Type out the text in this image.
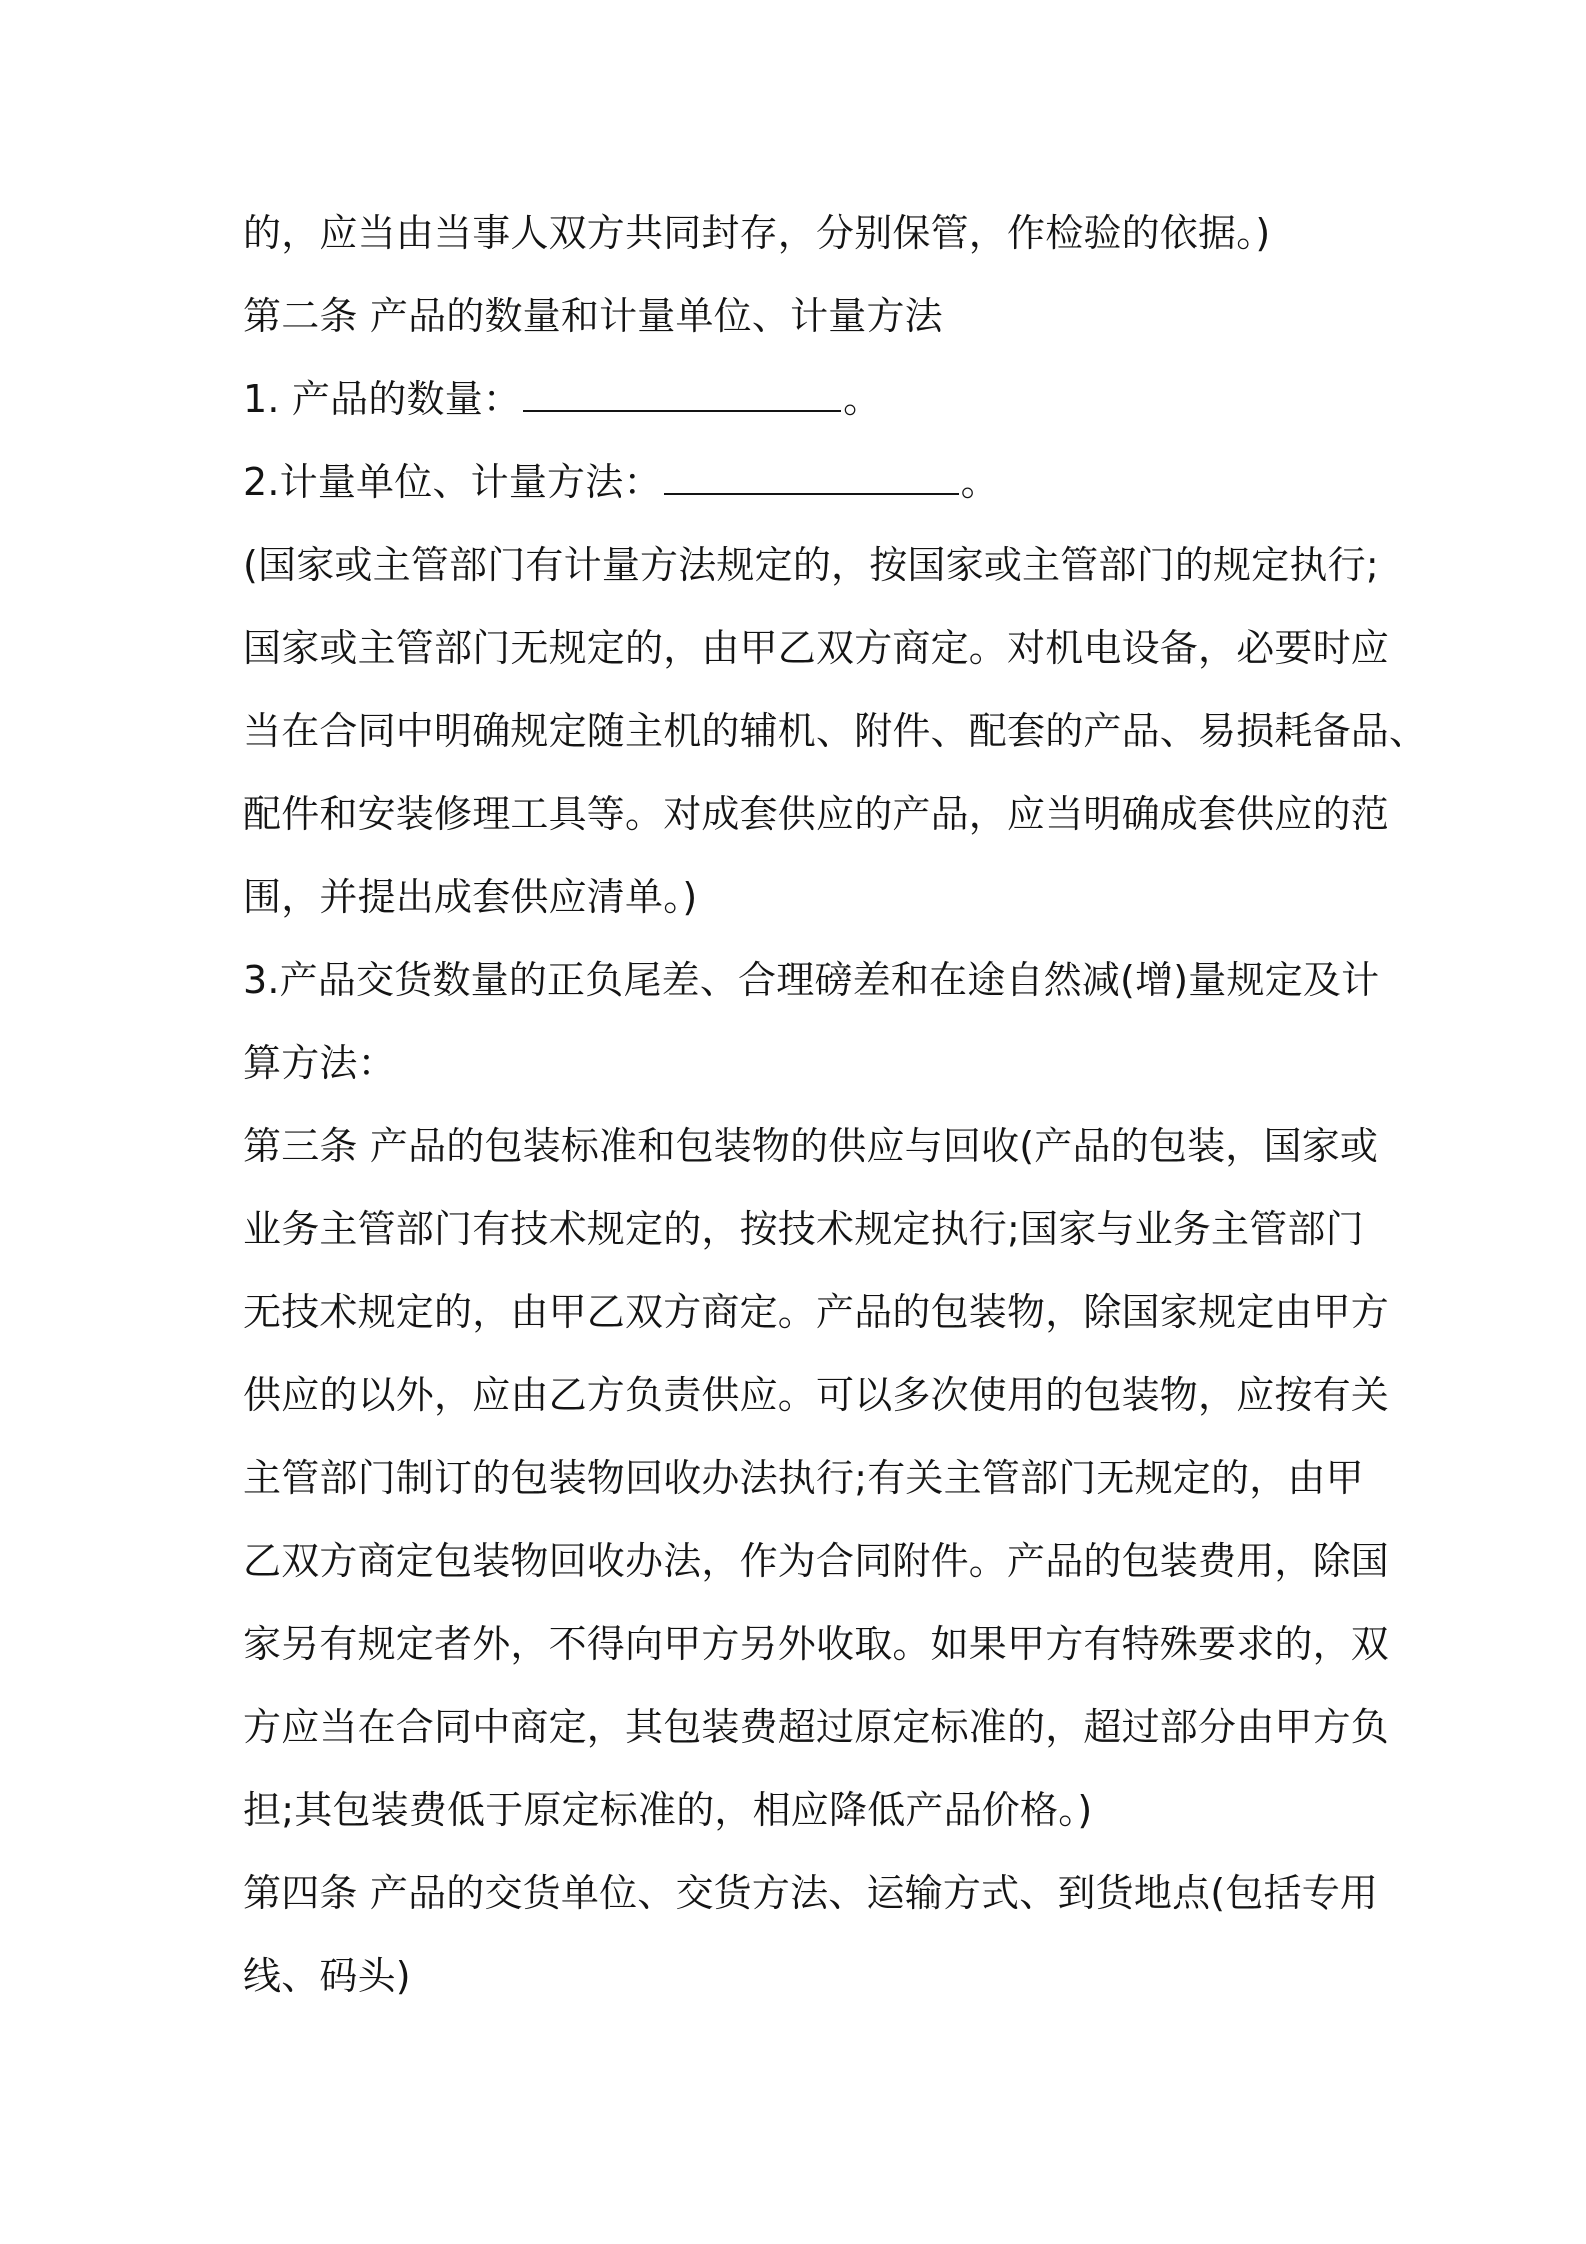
的，应当由当事人双方共同封存，分别保管，作检验的依据。)
第二条 产品的数量和计量单位、计量方法
1. 产品的数量：	。
2.计量单位、计量方法：	。
(国家或主管部门有计量方法规定的，按国家或主管部门的规定执行;
国家或主管部门无规定的，由甲乙双方商定。对机电设备，必要时应
当在合同中明确规定随主机的辅机、附件、配套的产品、易损耗备品、
配件和安装修理工具等。对成套供应的产品，应当明确成套供应的范
围，并提出成套供应清单。)
3.产品交货数量的正负尾差、合理磅差和在途自然减(增)量规定及计
算方法：
第三条 产品的包装标准和包装物的供应与回收(产品的包装，国家或
业务主管部门有技术规定的，按技术规定执行;国家与业务主管部门
无技术规定的，由甲乙双方商定。产品的包装物，除国家规定由甲方
供应的以外，应由乙方负责供应。可以多次使用的包装物，应按有关
主管部门制订的包装物回收办法执行;有关主管部门无规定的，由甲
乙双方商定包装物回收办法，作为合同附件。产品的包装费用，除国
家另有规定者外，不得向甲方另外收取。如果甲方有特殊要求的，双
方应当在合同中商定，其包装费超过原定标准的，超过部分由甲方负
担;其包装费低于原定标准的，相应降低产品价格。)
第四条 产品的交货单位、交货方法、运输方式、到货地点(包括专用
线、码头)
